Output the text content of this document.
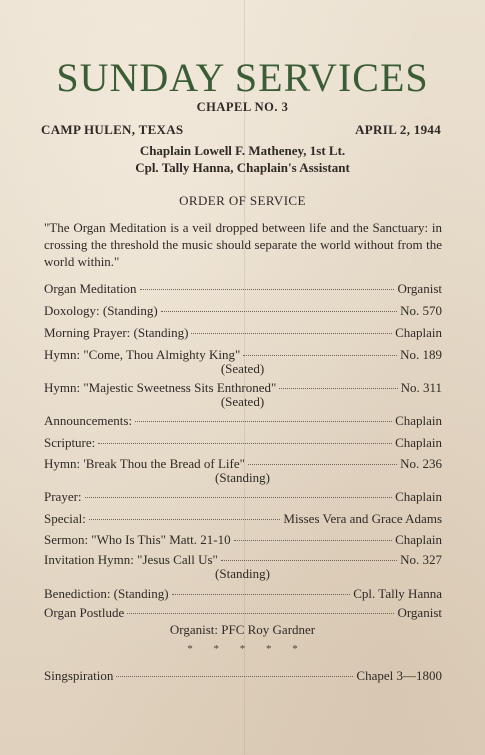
SUNDAY SERVICES
CHAPEL NO. 3
CAMP HULEN, TEXAS	APRIL 2, 1944
Chaplain Lowell F. Matheney, 1st Lt.
Cpl. Tally Hanna, Chaplain's Assistant
ORDER OF SERVICE
"The Organ Meditation is a veil dropped between life and the Sanctuary: in crossing the threshold the music should separate the world without from the world within."
Organ Meditation	Organist
Doxology: (Standing)	No. 570
Morning Prayer: (Standing)	Chaplain
Hymn: "Come, Thou Almighty King"	No. 189
(Seated)
Hymn: "Majestic Sweetness Sits Enthroned"	No. 311
(Seated)
Announcements:	Chaplain
Scripture:	Chaplain
Hymn: 'Break Thou the Bread of Life"	No. 236
(Standing)
Prayer:	Chaplain
Special:	Misses Vera and Grace Adams
Sermon: "Who Is This" Matt. 21-10	Chaplain
Invitation Hymn: "Jesus Call Us"	No. 327
(Standing)
Benediction: (Standing)	Cpl. Tally Hanna
Organ Postlude	Organist
Organist: PFC Roy Gardner
* * * * *
Singspiration	Chapel 3—1800
